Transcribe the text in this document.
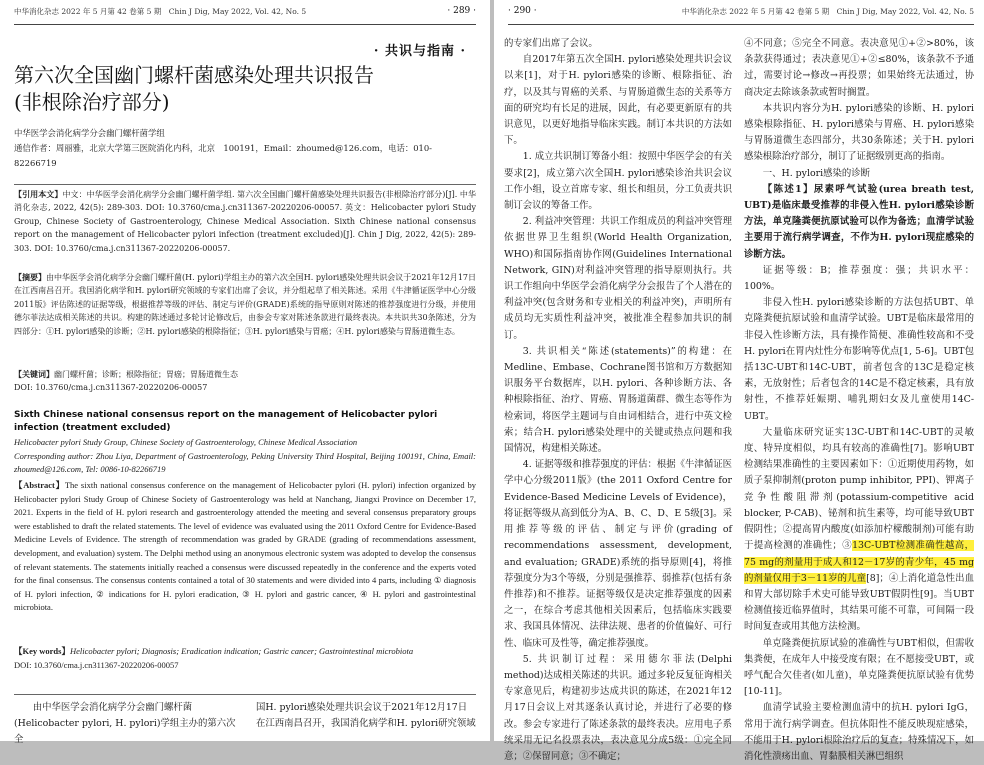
中华消化杂志 2022 年 5 月第 42 卷第 5 期　Chin J Dig, May 2022, Vol. 42, No. 5	· 289 ·
· 共识与指南 ·
第六次全国幽门螺杆菌感染处理共识报告
(非根除治疗部分)
中华医学会消化病学分会幽门螺杆菌学组
通信作者：周丽雅，北京大学第三医院消化内科，北京　100191，Email：zhoumed@126.com，电话：010-82266719
【引用本文】中文：中华医学会消化病学分会幽门螺杆菌学组. 第六次全国幽门螺杆菌感染处理共识报告(非根除治疗部分)[J]. 中华消化杂志, 2022, 42(5): 289-303. DOI: 10.3760/cma.j.cn311367-20220206-00057. 英文：Helicobacter pylori Study Group, Chinese Society of Gastroenterology, Chinese Medical Association. Sixth Chinese national consensus report on the management of Helicobacter pylori infection (treatment excluded)[J]. Chin J Dig, 2022, 42(5): 289-303. DOI: 10.3760/cma.j.cn311367-20220206-00057.
【摘要】由中华医学会消化病学分会幽门螺杆菌(H. pylori)学组主办的第六次全国H. pylori感染处理共识会议于2021年12月17日在江西南昌召开。我国消化病学和H. pylori研究领域的专家们出席了会议，并分组起草了相关陈述。采用《牛津循证医学中心分级2011版》评估陈述的证据等级，根据推荐等级的评估、制定与评价(GRADE)系统的指导原则对陈述的推荐强度进行分级，并使用德尔菲法达成相关陈述的共识。构建的陈述通过多轮讨论修改后，由参会专家对陈述条款进行最终表决。本共识共30条陈述，分为四部分：①H. pylori感染的诊断；②H. pylori感染的根除指征；③H. pylori感染与胃癌；④H. pylori感染与胃肠道微生态。
【关键词】幽门螺杆菌；诊断；根除指征；胃癌；胃肠道微生态
DOI: 10.3760/cma.j.cn311367-20220206-00057
Sixth Chinese national consensus report on the management of Helicobacter pylori infection (treatment excluded)
Helicobacter pylori Study Group, Chinese Society of Gastroenterology, Chinese Medical Association
Corresponding author: Zhou Liya, Department of Gastroenterology, Peking University Third Hospital, Beijing 100191, China, Email: zhoumed@126.com, Tel: 0086-10-82266719
【Abstract】The sixth national consensus conference on the management of Helicobacter pylori (H. pylori) infection organized by Helicobacter pylori Study Group of Chinese Society of Gastroenterology was held at Nanchang, Jiangxi Province on December 17, 2021. Experts in the field of H. pylori research and gastroenterology attended the meeting and several consensus preparatory groups were established to draft the related statements. The level of evidence was evaluated using the 2011 Oxford Centre for Evidence-Based Medicine Levels of Evidence. The strength of recommendation was graded by GRADE (grading of recommendations assessment, development, and evaluation) system. The Delphi method using an anonymous electronic system was adopted to develop the consensus of relevant statements. The statements initially reached a consensus were discussed repeatedly in the conference and the experts voted for the final consensus. The consensus contents contained a total of 30 statements and were divided into 4 parts, including ① diagnosis of H. pylori infection, ② indications for H. pylori eradication, ③ H. pylori and gastric cancer, ④ H. pylori and gastrointestinal microbiota.
【Key words】Helicobacter pylori; Diagnosis; Eradication indication; Gastric cancer; Gastrointestinal microbiota
DOI: 10.3760/cma.j.cn311367-20220206-00057

由中华医学会消化病学分会幽门螺杆菌(Helicobacter pylori, H. pylori)学组主办的第六次全

国H. pylori感染处理共识会议于2021年12月17日在江西南昌召开，我国消化病学和H. pylori研究领域

· 290 ·	中华消化杂志 2022 年 5 月第 42 卷第 5 期　Chin J Dig, May 2022, Vol. 42, No. 5

的专家们出席了会议。

自2017年第五次全国H. pylori感染处理共识会议以来[1]，对于H. pylori感染的诊断、根除指征、治疗，以及其与胃癌的关系、与胃肠道微生态的关系等方面的研究均有长足的进展，因此，有必要更新原有的共识意见，以更好地指导临床实践。制订本共识的方法如下。

1. 成立共识制订筹备小组：按照中华医学会的有关要求[2]，成立第六次全国H. pylori感染诊治共识会议工作小组，设立首席专家、组长和组员，分工负责共识制订会议的筹备工作。

2. 利益冲突管理：共识工作组成员的利益冲突管理依据世界卫生组织(World Health Organization, WHO)和国际指南协作网(Guidelines International Network, GIN)对利益冲突管理的指导原则执行。共识工作组向中华医学会消化病学分会报告了个人潜在的利益冲突(包含财务和专业相关的利益冲突)，声明所有成员均无实质性利益冲突，被批准全程参加共识的制订。

3. 共识相关“陈述(statements)”的构建：在Medline、Embase、Cochrane图书馆和万方数据知识服务平台数据库，以H. pylori、各种诊断方法、各种根除指征、治疗、胃癌、胃肠道菌群、微生态等作为检索词，将医学主题词与自由词相结合，进行中英文检索；结合H. pylori感染处理中的关键或热点问题和我国情况，构建相关陈述。

4. 证据等级和推荐强度的评估：根据《牛津循证医学中心分级2011版》(the 2011 Oxford Centre for Evidence-Based Medicine Levels of Evidence)，将证据等级从高到低分为A、B、C、D、E 5级[3]。采用推荐等级的评估、制定与评价(grading of recommendations assessment, development, and evaluation; GRADE)系统的指导原则[4]，将推荐强度分为3个等级，分别是强推荐、弱推荐(包括有条件推荐)和不推荐。证据等级仅是决定推荐强度的因素之一，在综合考虑其他相关因素后，包括临床实践要求、我国具体情况、法律法规、患者的价值偏好、可行性、临床可及性等，确定推荐强度。

5. 共识制订过程：采用德尔菲法(Delphi method)达成相关陈述的共识。通过多轮反复征询相关专家意见后，构建初步达成共识的陈述，在2021年12月17日会议上对其逐条认真讨论，并进行了必要的修改。参会专家进行了陈述条款的最终表决。应用电子系统采用无记名投票表决，表决意见分成5级：①完全同意；②保留同意；③不确定；

④不同意；⑤完全不同意。表决意见①+②>80%，该条款获得通过；表决意见①+②≤80%，该条款不予通过，需要讨论→修改→再投票；如果始终无法通过，协商决定去除该条款或暂时搁置。

本共识内容分为H. pylori感染的诊断、H. pylori感染根除指征、H. pylori感染与胃癌、H. pylori感染与胃肠道微生态四部分，共30条陈述；关于H. pylori感染根除治疗部分，制订了证据级别更高的指南。

一、H. pylori感染的诊断

【陈述1】尿素呼气试验(urea breath test, UBT)是临床最受推荐的非侵入性H. pylori感染诊断方法，单克隆粪便抗原试验可以作为备选；血清学试验主要用于流行病学调查，不作为H. pylori现症感染的诊断方法。

证据等级：B；推荐强度：强；共识水平：100%。

非侵入性H. pylori感染诊断的方法包括UBT、单克隆粪便抗原试验和血清学试验。UBT是临床最常用的非侵入性诊断方法，具有操作简便、准确性较高和不受H. pylori在胃内灶性分布影响等优点[1, 5-6]。UBT包括13C-UBT和14C-UBT，前者包含的13C是稳定核素，无放射性；后者包含的14C是不稳定核素，具有放射性，不推荐妊娠期、哺乳期妇女及儿童使用14C-UBT。

大量临床研究证实13C-UBT和14C-UBT的灵敏度、特异度相似，均具有较高的准确性[7]。影响UBT检测结果准确性的主要因素如下：①近期使用药物，如质子泵抑制剂(proton pump inhibitor, PPI)、钾离子竞争性酸阻滞剂(potassium-competitive acid blocker, P-CAB)、铋剂和抗生素等，均可能导致UBT假阴性；②提高胃内酸度(如添加柠檬酸制剂)可能有助于提高检测的准确性；③13C-UBT检测准确性越高，75 mg的剂量用于成人和12－17岁的青少年，45 mg的剂量仅用于3－11岁的儿童[8]；④上消化道急性出血和胃大部切除手术史可能导致UBT假阴性[9]。当UBT检测值接近临界值时，其结果可能不可靠，可间隔一段时间复查或用其他方法检测。

单克隆粪便抗原试验的准确性与UBT相似，但需收集粪便，在成年人中接受度有限；在不愿接受UBT，或呼气配合欠佳者(如儿童)，单克隆粪便抗原试验有优势[10-11]。

血清学试验主要检测血清中的抗H. pylori IgG，常用于流行病学调查。但抗体阳性不能反映现症感染，不能用于H. pylori根除治疗后的复查；特殊情况下，如消化性溃疡出血、胃黏膜相关淋巴组织
